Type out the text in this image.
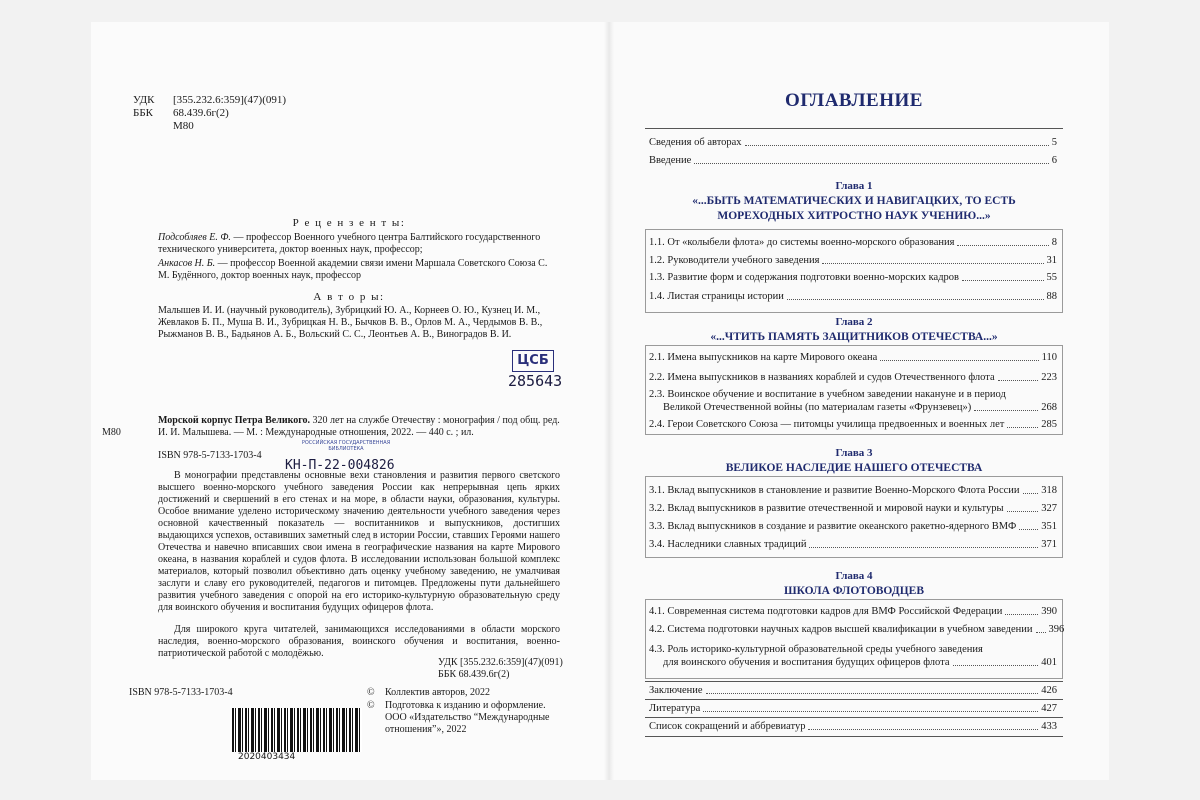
УДК [355.232.6:359](47)(091)
ББК 68.439.6г(2)
М80
Р е ц е н з е н т ы:
Подсобляев Е. Ф. — профессор Военного учебного центра Балтийского государственного технического университета, доктор военных наук, профессор;
Анкасов Н. Б. — профессор Военной академии связи имени Маршала Советского Союза С. М. Будённого, доктор военных наук, профессор
А в т о р ы:
Малышев И. И. (научный руководитель), Зубрицкий Ю. А., Корнеев О. Ю., Кузнец И. М., Жевлаков Б. П., Муша В. И., Зубрицкая Н. В., Бычков В. В., Орлов М. А., Чердымов В. В., Рыжманов В. В., Бадьянов А. Б., Вольский С. С., Леонтьев А. В., Виноградов В. И.
ЦСБ
285643
М80
Морской корпус Петра Великого. 320 лет на службе Отечеству : монография / под общ. ред. И. И. Малышева. — М. : Международные отношения, 2022. — 440 с. ; ил.
ISBN 978-5-7133-1703-4
РОССИЙСКАЯ ГОСУДАРСТВЕННАЯ БИБЛИОТЕКА
КН-П-22-004826
В монографии представлены основные вехи становления и развития первого светского высшего военно-морского учебного заведения России как непрерывная цепь ярких достижений и свершений в его стенах и на море, в области науки, образования, культуры. Особое внимание уделено историческому значению деятельности учебного заведения через основной качественный показатель — воспитанников и выпускников, достигших выдающихся успехов, оставивших заметный след в истории России, ставших Героями нашего Отечества и навечно вписавших свои имена в географические названия на карте Мирового океана, в названия кораблей и судов флота. В исследовании использован большой комплекс материалов, который позволил объективно дать оценку учебному заведению, не умалчивая заслуги и славу его руководителей, педагогов и питомцев. Предложены пути дальнейшего развития учебного заведения с опорой на его историко-культурную образовательную среду для воинского обучения и воспитания будущих офицеров флота.
Для широкого круга читателей, занимающихся исследованиями в области морского наследия, военно-морского образования, воинского обучения и воспитания, военно-патриотической работой с молодёжью.
УДК [355.232.6:359](47)(091)
ББК 68.439.6г(2)
ISBN 978-5-7133-1703-4	© Коллектив авторов, 2022
© Подготовка к изданию и оформление.
ООО «Издательство “Международные отношения”», 2022
2020403434
ОГЛАВЛЕНИЕ
Сведения об авторах	5
Введение	6
Глава 1
«...БЫТЬ МАТЕМАТИЧЕСКИХ И НАВИГАЦКИХ, ТО ЕСТЬ МОРЕХОДНЫХ ХИТРОСТНО НАУК УЧЕНИЮ...»
1.1. От «колыбели флота» до системы военно-морского образования	8
1.2. Руководители учебного заведения	31
1.3. Развитие форм и содержания подготовки военно-морских кадров	55
1.4. Листая страницы истории	88
Глава 2
«...ЧТИТЬ ПАМЯТЬ ЗАЩИТНИКОВ ОТЕЧЕСТВА...»
2.1. Имена выпускников на карте Мирового океана	110
2.2. Имена выпускников в названиях кораблей и судов Отечественного флота	223
2.3. Воинское обучение и воспитание в учебном заведении накануне и в период
Великой Отечественной войны (по материалам газеты «Фрунзевец»)	268
2.4. Герои Советского Союза — питомцы училища предвоенных и военных лет	285
Глава 3
ВЕЛИКОЕ НАСЛЕДИЕ НАШЕГО ОТЕЧЕСТВА
3.1. Вклад выпускников в становление и развитие Военно-Морского Флота России 318
3.2. Вклад выпускников в развитие отечественной и мировой науки и культуры	327
3.3. Вклад выпускников в создание и развитие океанского ракетно-ядерного ВМФ 351
3.4. Наследники славных традиций	371
Глава 4
ШКОЛА ФЛОТОВОДЦЕВ
4.1. Современная система подготовки кадров для ВМФ Российской Федерации	390
4.2. Система подготовки научных кадров высшей квалификации в учебном заведении 396
4.3. Роль историко-культурной образовательной среды учебного заведения
для воинского обучения и воспитания будущих офицеров флота	401
Заключение	426
Литература	427
Список сокращений и аббревиатур	433
